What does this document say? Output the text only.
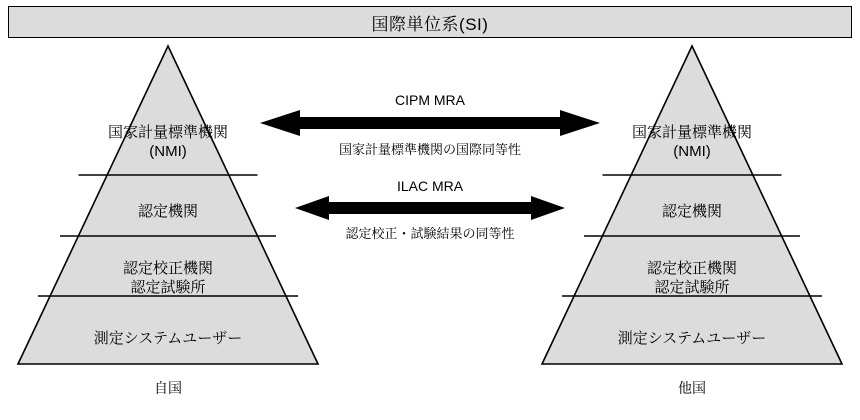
国際単位系(SI)
国家計量標準機関
(NMI)
認定機関
認定校正機関
認定試験所
測定システムユーザー
自国
国家計量標準機関
(NMI)
認定機関
認定校正機関
認定試験所
測定システムユーザー
他国
CIPM MRA
国家計量標準機関の国際同等性
ILAC MRA
認定校正・試験結果の同等性
